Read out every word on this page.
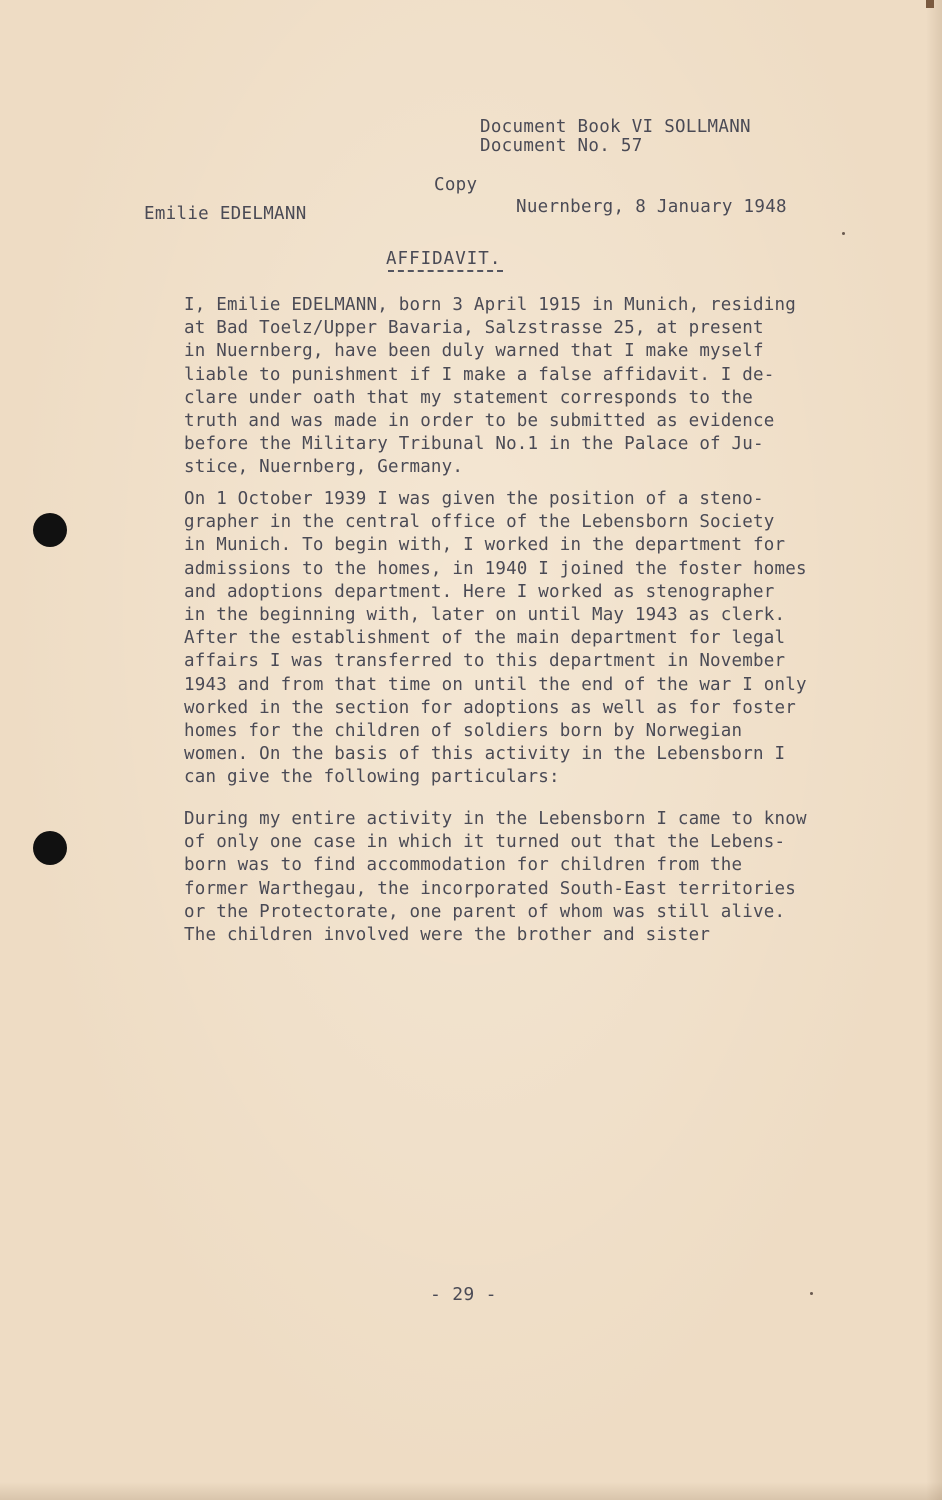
Document Book VI SOLLMANN
Document No. 57
Copy
Emilie EDELMANN	Nuernberg, 8 January 1948
AFFIDAVIT.
I, Emilie EDELMANN, born 3 April 1915 in Munich, residing
at Bad Toelz/Upper Bavaria, Salzstrasse 25, at present
in Nuernberg, have been duly warned that I make myself
liable to punishment if I make a false affidavit. I de-
clare under oath that my statement corresponds to the
truth and was made in order to be submitted as evidence
before the Military Tribunal No.1 in the Palace of Ju-
stice, Nuernberg, Germany.
On 1 October 1939 I was given the position of a steno-
grapher in the central office of the Lebensborn Society
in Munich. To begin with, I worked in the department for
admissions to the homes, in 1940 I joined the foster homes
and adoptions department. Here I worked as stenographer
in the beginning with, later on until May 1943 as clerk.
After the establishment of the main department for legal
affairs I was transferred to this department in November
1943 and from that time on until the end of the war I only
worked in the section for adoptions as well as for foster
homes for the children of soldiers born by Norwegian
women. On the basis of this activity in the Lebensborn I
can give the following particulars:
During my entire activity in the Lebensborn I came to know
of only one case in which it turned out that the Lebens-
born was to find accommodation for children from the
former Warthegau, the incorporated South-East territories
or the Protectorate, one parent of whom was still alive.
The children involved were the brother and sister
- 29 -
